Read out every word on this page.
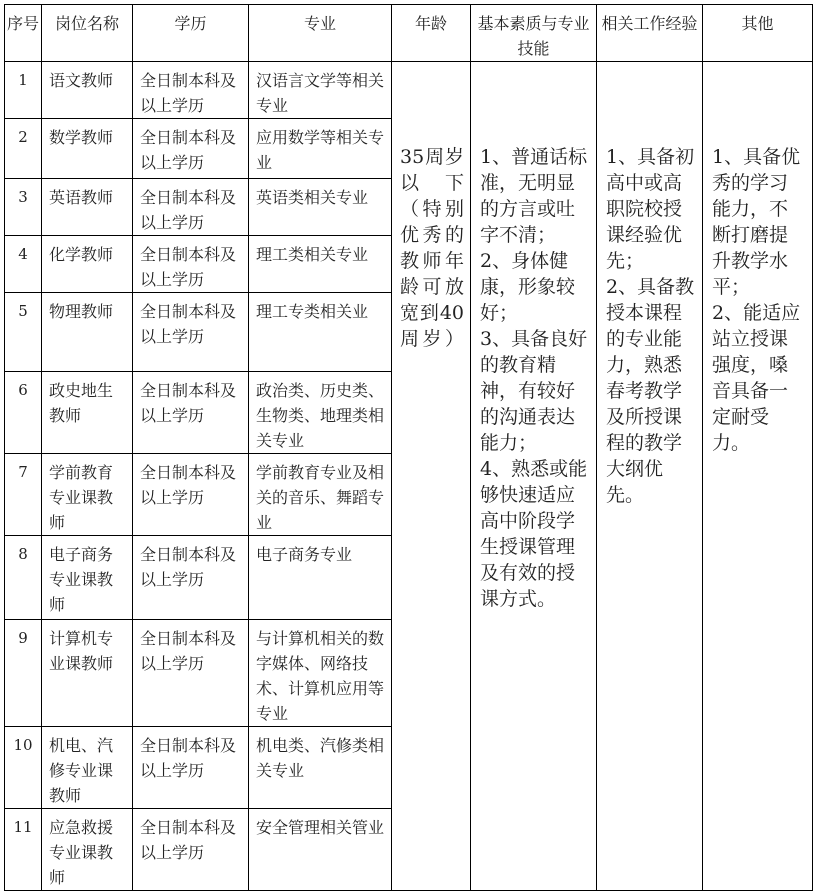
序号	岗位名称	学历	专业	年龄	基本素质与专业技能	相关工作经验	其他
1	语文教师	全日制本科及以上学历	汉语言文学等相关专业	35周岁以下（特别优秀的教师年龄可放宽到40周岁）	1、普通话标准，无明显的方言或吐字不清；
2、身体健康，形象较好；
3、具备良好的教育精神，有较好的沟通表达能力；
4、熟悉或能够快速适应高中阶段学生授课管理及有效的授课方式。	1、具备初高中或高职院校授课经验优先；
2、具备教授本课程的专业能力，熟悉春考教学及所授课程的教学大纲优先。	1、具备优秀的学习能力，不断打磨提升教学水平；
2、能适应站立授课强度，嗓音具备一定耐受力。
2	数学教师	全日制本科及以上学历	应用数学等相关专业				
3	英语教师	全日制本科及以上学历	英语类相关专业				
4	化学教师	全日制本科及以上学历	理工类相关专业				
5	物理教师	全日制本科及以上学历	理工专类相关业				
6	政史地生教师	全日制本科及以上学历	政治类、历史类、生物类、地理类相关专业				
7	学前教育专业课教师	全日制本科及以上学历	学前教育专业及相关的音乐、舞蹈专业				
8	电子商务专业课教师	全日制本科及以上学历	电子商务专业				
9	计算机专业课教师	全日制本科及以上学历	与计算机相关的数字媒体、网络技术、计算机应用等专业				
10	机电、汽修专业课教师	全日制本科及以上学历	机电类、汽修类相关专业				
11	应急救援专业课教师	全日制本科及以上学历	安全管理相关管业				
